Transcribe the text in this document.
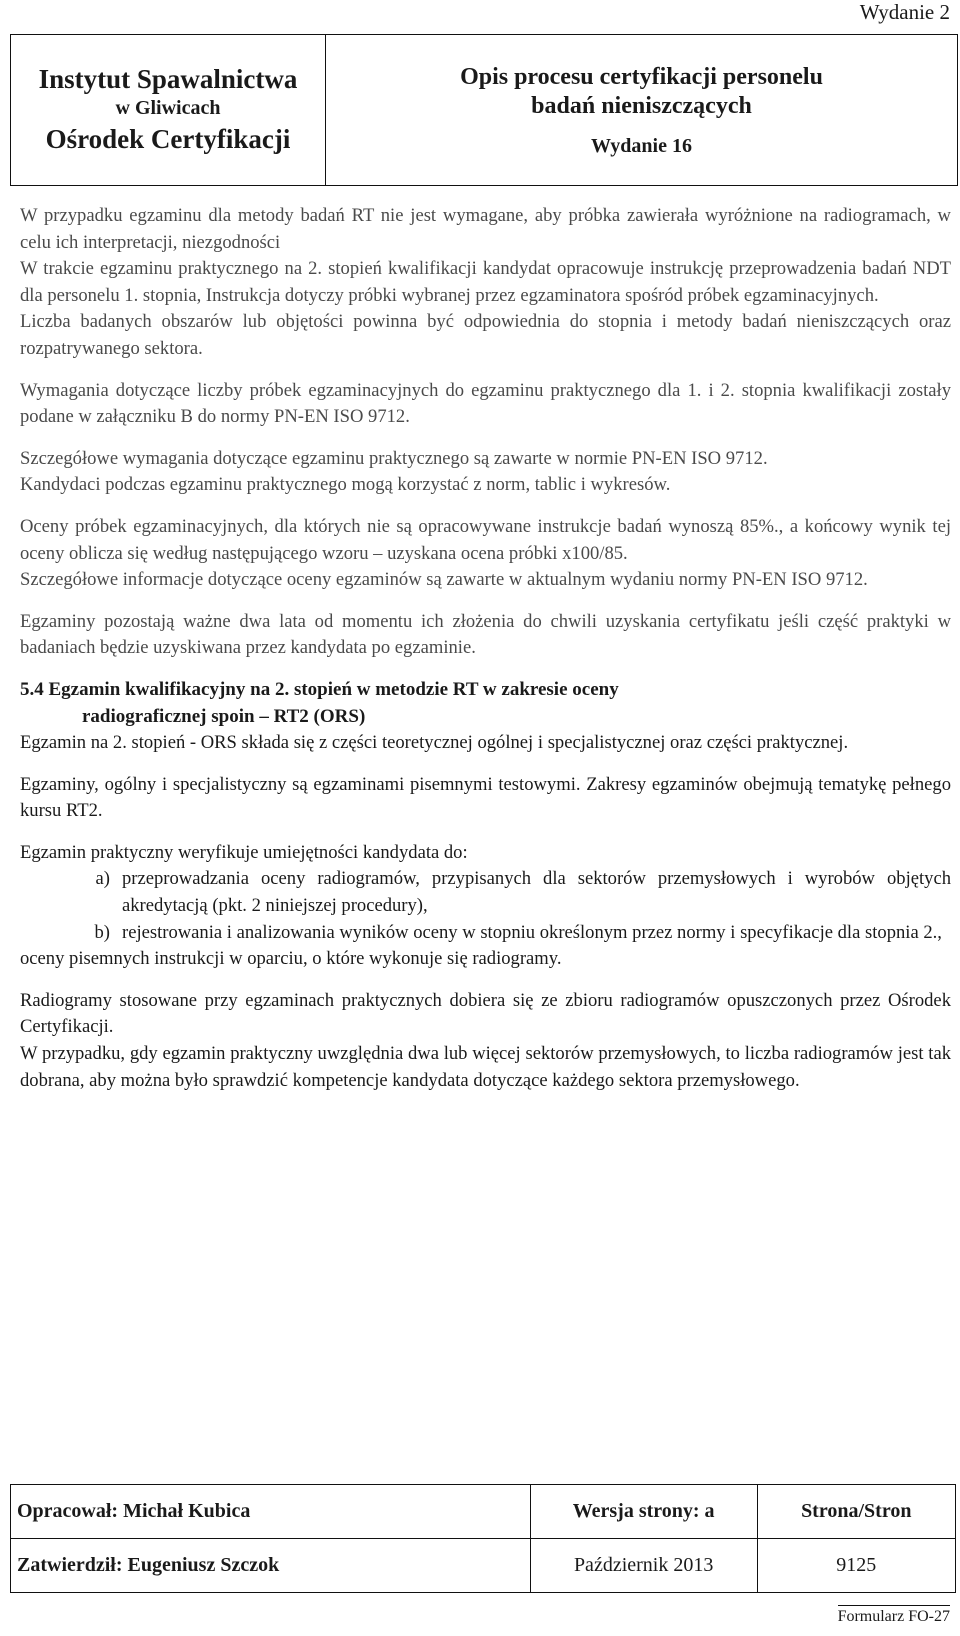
Wydanie 2
Instytut Spawalnictwa
w Gliwicach
Ośrodek Certyfikacji
Opis procesu certyfikacji personelu
badań nieniszczących
Wydanie 16

W przypadku egzaminu dla metody badań RT nie jest wymagane, aby próbka zawierała wyróżnione na radiogramach, w celu ich interpretacji, niezgodności

W trakcie egzaminu praktycznego na 2. stopień kwalifikacji kandydat opracowuje instrukcję przeprowadzenia badań NDT dla personelu 1. stopnia, Instrukcja dotyczy próbki wybranej przez egzaminatora spośród próbek egzaminacyjnych.

Liczba badanych obszarów lub objętości powinna być odpowiednia do stopnia i metody badań nieniszczących oraz rozpatrywanego sektora.

Wymagania dotyczące liczby próbek egzaminacyjnych do egzaminu praktycznego dla 1. i 2. stopnia kwalifikacji zostały podane w załączniku B do normy PN-EN ISO 9712.

Szczegółowe wymagania dotyczące egzaminu praktycznego są zawarte w normie PN-EN ISO 9712.

Kandydaci podczas egzaminu praktycznego mogą korzystać z norm, tablic i wykresów.

Oceny próbek egzaminacyjnych, dla których nie są opracowywane instrukcje badań wynoszą 85%., a końcowy wynik tej oceny oblicza się według następującego wzoru – uzyskana ocena próbki x100/85.

Szczegółowe informacje dotyczące oceny egzaminów są zawarte w aktualnym wydaniu normy PN-EN ISO 9712.

Egzaminy pozostają ważne dwa lata od momentu ich złożenia do chwili uzyskania certyfikatu jeśli część praktyki w badaniach będzie uzyskiwana przez kandydata po egzaminie.

5.4 Egzamin kwalifikacyjny na 2. stopień w metodzie RT w zakresie oceny
radiograficznej spoin – RT2 (ORS)

Egzamin na 2. stopień - ORS składa się z części teoretycznej ogólnej i specjalistycznej oraz części praktycznej.

Egzaminy, ogólny i specjalistyczny są egzaminami pisemnymi testowymi. Zakresy egzaminów obejmują tematykę pełnego kursu RT2.

Egzamin praktyczny weryfikuje umiejętności kandydata do:

a) przeprowadzania oceny radiogramów, przypisanych dla sektorów przemysłowych i wyrobów objętych akredytacją (pkt. 2 niniejszej procedury),
b) rejestrowania i analizowania wyników oceny w stopniu określonym przez normy i specyfikacje dla stopnia 2.,

oceny pisemnych instrukcji w oparciu, o które wykonuje się radiogramy.

Radiogramy stosowane przy egzaminach praktycznych dobiera się ze zbioru radiogramów opuszczonych przez Ośrodek Certyfikacji.

W przypadku, gdy egzamin praktyczny uwzględnia dwa lub więcej sektorów przemysłowych, to liczba radiogramów jest tak dobrana, aby można było sprawdzić kompetencje kandydata dotyczące każdego sektora przemysłowego.

Opracował: Michał Kubica	Wersja strony: a	Strona/Stron
Zatwierdził: Eugeniusz Szczok	Październik 2013	9125
Formularz FO-27
